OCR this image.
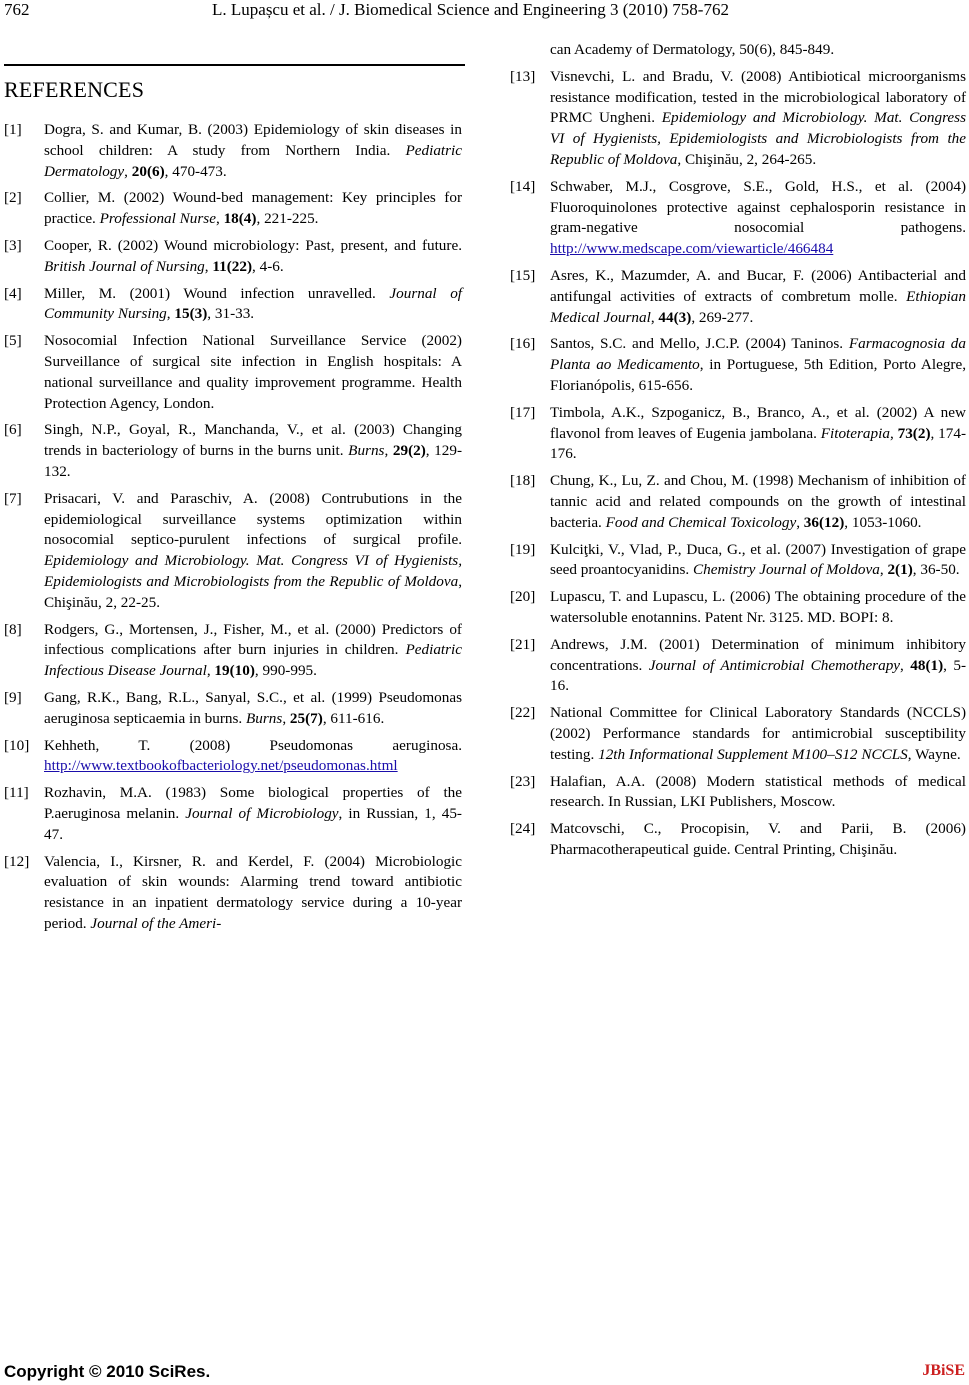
762	L. Lupașcu et al. / J. Biomedical Science and Engineering 3 (2010) 758-762
REFERENCES
[1] Dogra, S. and Kumar, B. (2003) Epidemiology of skin diseases in school children: A study from Northern India. Pediatric Dermatology, 20(6), 470-473.
[2] Collier, M. (2002) Wound-bed management: Key principles for practice. Professional Nurse, 18(4), 221-225.
[3] Cooper, R. (2002) Wound microbiology: Past, present, and future. British Journal of Nursing, 11(22), 4-6.
[4] Miller, M. (2001) Wound infection unravelled. Journal of Community Nursing, 15(3), 31-33.
[5] Nosocomial Infection National Surveillance Service (2002) Surveillance of surgical site infection in English hospitals: A national surveillance and quality improvement programme. Health Protection Agency, London.
[6] Singh, N.P., Goyal, R., Manchanda, V., et al. (2003) Changing trends in bacteriology of burns in the burns unit. Burns, 29(2), 129-132.
[7] Prisacari, V. and Paraschiv, A. (2008) Contrubutions in the epidemiological surveillance systems optimization within nosocomial septico-purulent infections of surgical profile. Epidemiology and Microbiology. Mat. Congress VI of Hygienists, Epidemiologists and Microbiologists from the Republic of Moldova, Chişinău, 2, 22-25.
[8] Rodgers, G., Mortensen, J., Fisher, M., et al. (2000) Predictors of infectious complications after burn injuries in children. Pediatric Infectious Disease Journal, 19(10), 990-995.
[9] Gang, R.K., Bang, R.L., Sanyal, S.C., et al. (1999) Pseudomonas aeruginosa septicaemia in burns. Burns, 25(7), 611-616.
[10] Kehheth, T. (2008) Pseudomonas aeruginosa. http://www.textbookofbacteriology.net/pseudomonas.html
[11] Rozhavin, M.A. (1983) Some biological properties of the P.aeruginosa melanin. Journal of Microbiology, in Russian, 1, 45-47.
[12] Valencia, I., Kirsner, R. and Kerdel, F. (2004) Microbiologic evaluation of skin wounds: Alarming trend toward antibiotic resistance in an inpatient dermatology service during a 10-year period. Journal of the Ameri-
can Academy of Dermatology, 50(6), 845-849.
[13] Visnevchi, L. and Bradu, V. (2008) Antibiotical microorganisms resistance modification, tested in the microbiological laboratory of PRMC Ungheni. Epidemiology and Microbiology. Mat. Congress VI of Hygienists, Epidemiologists and Microbiologists from the Republic of Moldova, Chişinău, 2, 264-265.
[14] Schwaber, M.J., Cosgrove, S.E., Gold, H.S., et al. (2004) Fluoroquinolones protective against cephalosporin resistance in gram-negative nosocomial pathogens. http://www.medscape.com/viewarticle/466484
[15] Asres, K., Mazumder, A. and Bucar, F. (2006) Antibacterial and antifungal activities of extracts of combretum molle. Ethiopian Medical Journal, 44(3), 269-277.
[16] Santos, S.C. and Mello, J.C.P. (2004) Taninos. Farmacognosia da Planta ao Medicamento, in Portuguese, 5th Edition, Porto Alegre, Florianópolis, 615-656.
[17] Timbola, A.K., Szpoganicz, B., Branco, A., et al. (2002) A new flavonol from leaves of Eugenia jambolana. Fitoterapia, 73(2), 174-176.
[18] Chung, K., Lu, Z. and Chou, M. (1998) Mechanism of inhibition of tannic acid and related compounds on the growth of intestinal bacteria. Food and Chemical Toxicology, 36(12), 1053-1060.
[19] Kulciţki, V., Vlad, P., Duca, G., et al. (2007) Investigation of grape seed proantocyanidins. Chemistry Journal of Moldova, 2(1), 36-50.
[20] Lupascu, T. and Lupascu, L. (2006) The obtaining procedure of the watersoluble enotannins. Patent Nr. 3125. MD. BOPI: 8.
[21] Andrews, J.M. (2001) Determination of minimum inhibitory concentrations. Journal of Antimicrobial Chemotherapy, 48(1), 5-16.
[22] National Committee for Clinical Laboratory Standards (NCCLS) (2002) Performance standards for antimicrobial susceptibility testing. 12th Informational Supplement M100–S12 NCCLS, Wayne.
[23] Halafian, A.A. (2008) Modern statistical methods of medical research. In Russian, LKI Publishers, Moscow.
[24] Matcovschi, C., Procopisin, V. and Parii, B. (2006) Pharmacotherapeutical guide. Central Printing, Chişinău.
Copyright © 2010 SciRes.	JBiSE
